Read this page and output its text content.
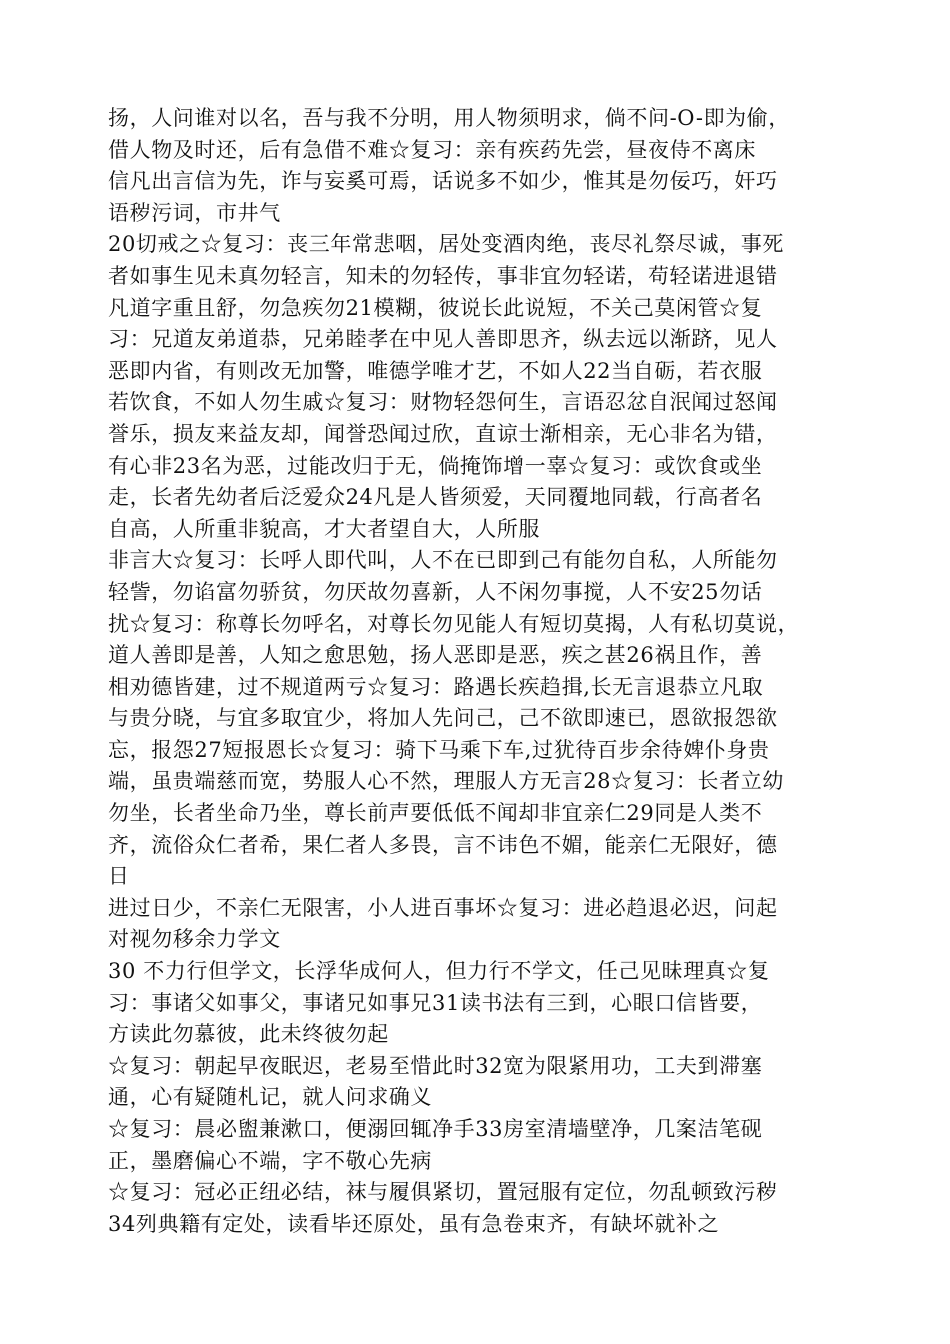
扬，人问谁对以名，吾与我不分明，用人物须明求，倘不问-O-即为偷，
借人物及时还，后有急借不难☆复习：亲有疾药先尝，昼夜侍不离床
信凡出言信为先，诈与妄奚可焉，话说多不如少，惟其是勿佞巧，奸巧
语秽污词，市井气
20切戒之☆复习：丧三年常悲咽，居处变酒肉绝，丧尽礼祭尽诚，事死
者如事生见未真勿轻言，知未的勿轻传，事非宜勿轻诺，苟轻诺进退错
凡道字重且舒，勿急疾勿21模糊，彼说长此说短，不关己莫闲管☆复
习：兄道友弟道恭，兄弟睦孝在中见人善即思齐，纵去远以渐跻，见人
恶即内省，有则改无加警，唯德学唯才艺，不如人22当自砺，若衣服
若饮食，不如人勿生戚☆复习：财物轻怨何生，言语忍忿自泯闻过怒闻
誉乐，损友来益友却，闻誉恐闻过欣，直谅士渐相亲，无心非名为错，
有心非23名为恶，过能改归于无，倘掩饰增一辜☆复习：或饮食或坐
走，长者先幼者后泛爱众24凡是人皆须爱，天同覆地同载，行高者名
自高，人所重非貌高，才大者望自大，人所服
非言大☆复习：长呼人即代叫，人不在已即到己有能勿自私，人所能勿
轻訾，勿谄富勿骄贫，勿厌故勿喜新，人不闲勿事搅，人不安25勿话
扰☆复习：称尊长勿呼名，对尊长勿见能人有短切莫揭，人有私切莫说，
道人善即是善，人知之愈思勉，扬人恶即是恶，疾之甚26祸且作，善
相劝德皆建，过不规道两亏☆复习：路遇长疾趋揖,长无言退恭立凡取
与贵分晓，与宜多取宜少，将加人先问己，己不欲即速已，恩欲报怨欲
忘，报怨27短报恩长☆复习：骑下马乘下车,过犹待百步余待婢仆身贵
端，虽贵端慈而宽，势服人心不然，理服人方无言28☆复习：长者立幼
勿坐，长者坐命乃坐，尊长前声要低低不闻却非宜亲仁29同是人类不
齐，流俗众仁者希，果仁者人多畏，言不讳色不媚，能亲仁无限好，德
日
进过日少，不亲仁无限害，小人进百事坏☆复习：进必趋退必迟，问起
对视勿移余力学文
30 不力行但学文，长浮华成何人，但力行不学文，任己见昧理真☆复
习：事诸父如事父，事诸兄如事兄31读书法有三到，心眼口信皆要，
方读此勿慕彼，此未终彼勿起
☆复习：朝起早夜眠迟，老易至惜此时32宽为限紧用功，工夫到滞塞
通，心有疑随札记，就人问求确义
☆复习：晨必盥兼漱口，便溺回辄净手33房室清墙壁净，几案洁笔砚
正，墨磨偏心不端，字不敬心先病
☆复习：冠必正纽必结，袜与履俱紧切，置冠服有定位，勿乱顿致污秽
34列典籍有定处，读看毕还原处，虽有急卷束齐，有缺坏就补之
